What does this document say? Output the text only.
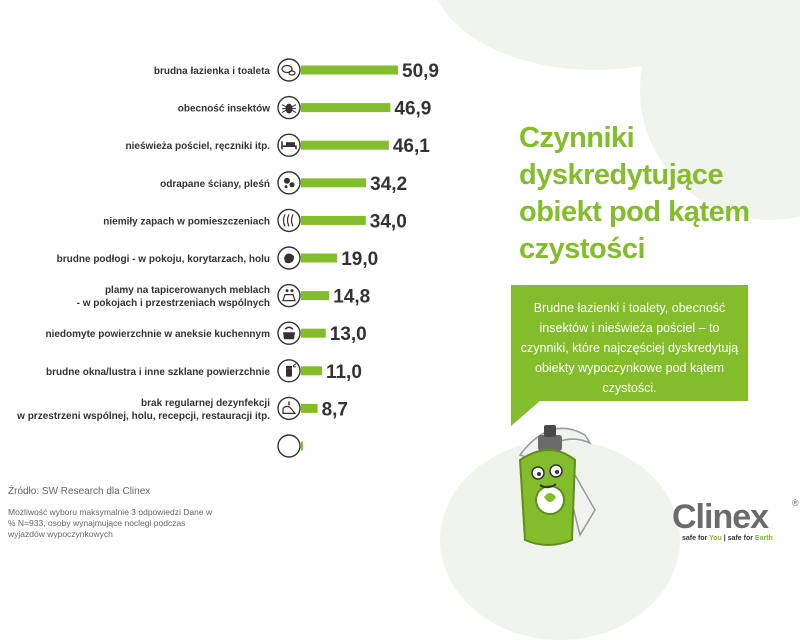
50,9
brudna łazienka i toaleta
46,9
obecność insektów
46,1
nieświeża pościel, ręczniki itp.
34,2
odrapane ściany, pleśń
34,0
niemiły zapach w pomieszczeniach
19,0
brudne podłogi - w pokoju, korytarzach, holu
14,8
plamy na tapicerowanych meblach
- w pokojach i przestrzeniach wspólnych
13,0
niedomyte powierzchnie w aneksie kuchennym
11,0
brudne okna/lustra i inne szklane powierzchnie
8,7
brak regularnej dezynfekcji
w przestrzeni wspólnej, holu, recepcji, restauracji itp.
Czynniki dyskredytujące obiekt pod kątem czystości
Brudne łazienki i toalety, obecność insektów i nieświeża pościel – to czynniki, które najczęściej dyskredytują obiekty wypoczynkowe pod kątem czystości.
Źródło: SW Research dla Clinex
Możliwość wyboru maksymalnie 3 odpowiedzi Dane w % N=933, osoby wynajmujące noclegi podczas wyjazdów wypoczynkowych	Clinex	®
safe for You | safe for Earth
